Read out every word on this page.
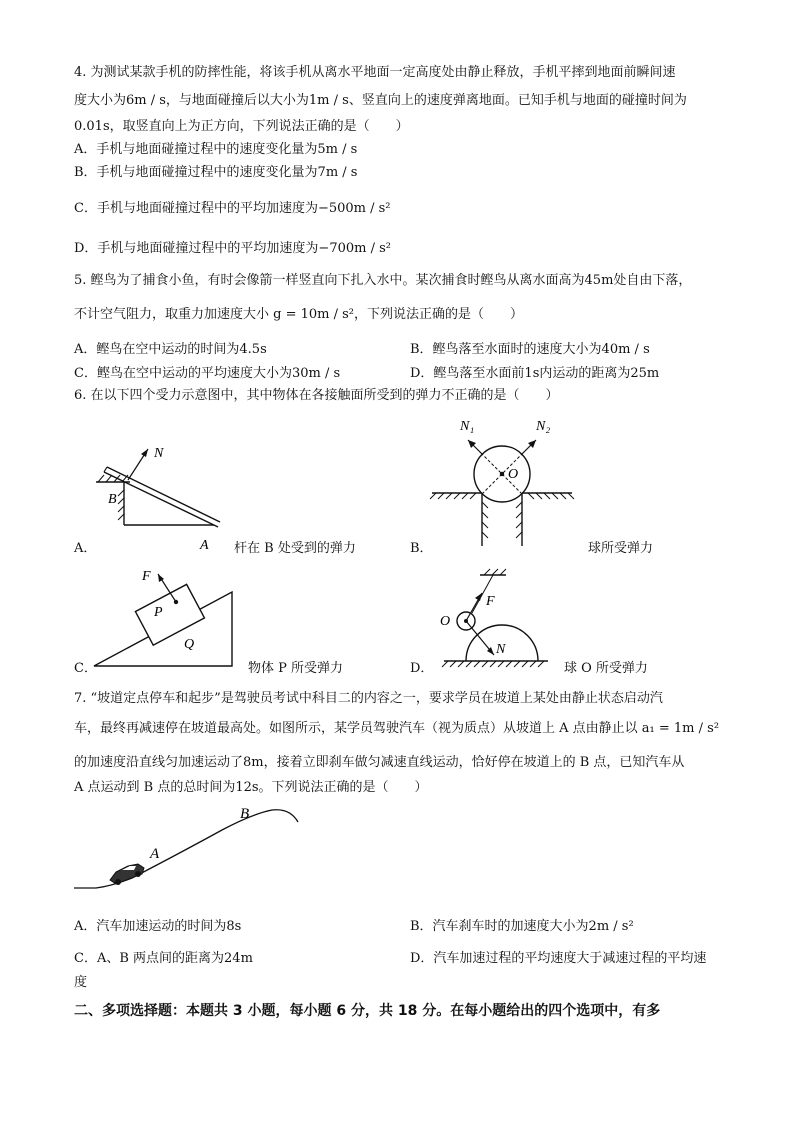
4. 为测试某款手机的防摔性能，将该手机从离水平地面一定高度处由静止释放，手机平摔到地面前瞬间速
度大小为6m / s，与地面碰撞后以大小为1m / s、竖直向上的速度弹离地面。已知手机与地面的碰撞时间为
0.01s，取竖直向上为正方向，下列说法正确的是（　　）
A．手机与地面碰撞过程中的速度变化量为5m / s
B．手机与地面碰撞过程中的速度变化量为7m / s
C．手机与地面碰撞过程中的平均加速度为−500m / s²
D．手机与地面碰撞过程中的平均加速度为−700m / s²
5. 鲣鸟为了捕食小鱼，有时会像箭一样竖直向下扎入水中。某次捕食时鲣鸟从离水面高为45m处自由下落，
不计空气阻力，取重力加速度大小 g = 10m / s²，下列说法正确的是（　　）
A．鲣鸟在空中运动的时间为4.5s	B．鲣鸟落至水面时的速度大小为40m / s
C．鲣鸟在空中运动的平均速度大小为30m / s	D．鲣鸟落至水面前1s内运动的距离为25m
6. 在以下四个受力示意图中，其中物体在各接触面所受到的弹力不正确的是（　　）
N
B
A
A．	杆在 B 处受到的弹力
N₁	N₂
O
B．	球所受弹力
F
P
Q
C．	物体 P 所受弹力
O
F
N
D．	球 O 所受弹力
7. “坡道定点停车和起步”是驾驶员考试中科目二的内容之一，要求学员在坡道上某处由静止状态启动汽
车，最终再减速停在坡道最高处。如图所示，某学员驾驶汽车（视为质点）从坡道上 A 点由静止以 a₁ = 1m / s²
的加速度沿直线匀加速运动了8m，接着立即刹车做匀减速直线运动，恰好停在坡道上的 B 点，已知汽车从
A 点运动到 B 点的总时间为12s。下列说法正确的是（　　）
A
B
A．汽车加速运动的时间为8s	B．汽车刹车时的加速度大小为2m / s²
C．A、B 两点间的距离为24m	D．汽车加速过程的平均速度大于减速过程的平均速
度
二、多项选择题：本题共 3 小题，每小题 6 分，共 18 分。在每小题给出的四个选项中，有多
